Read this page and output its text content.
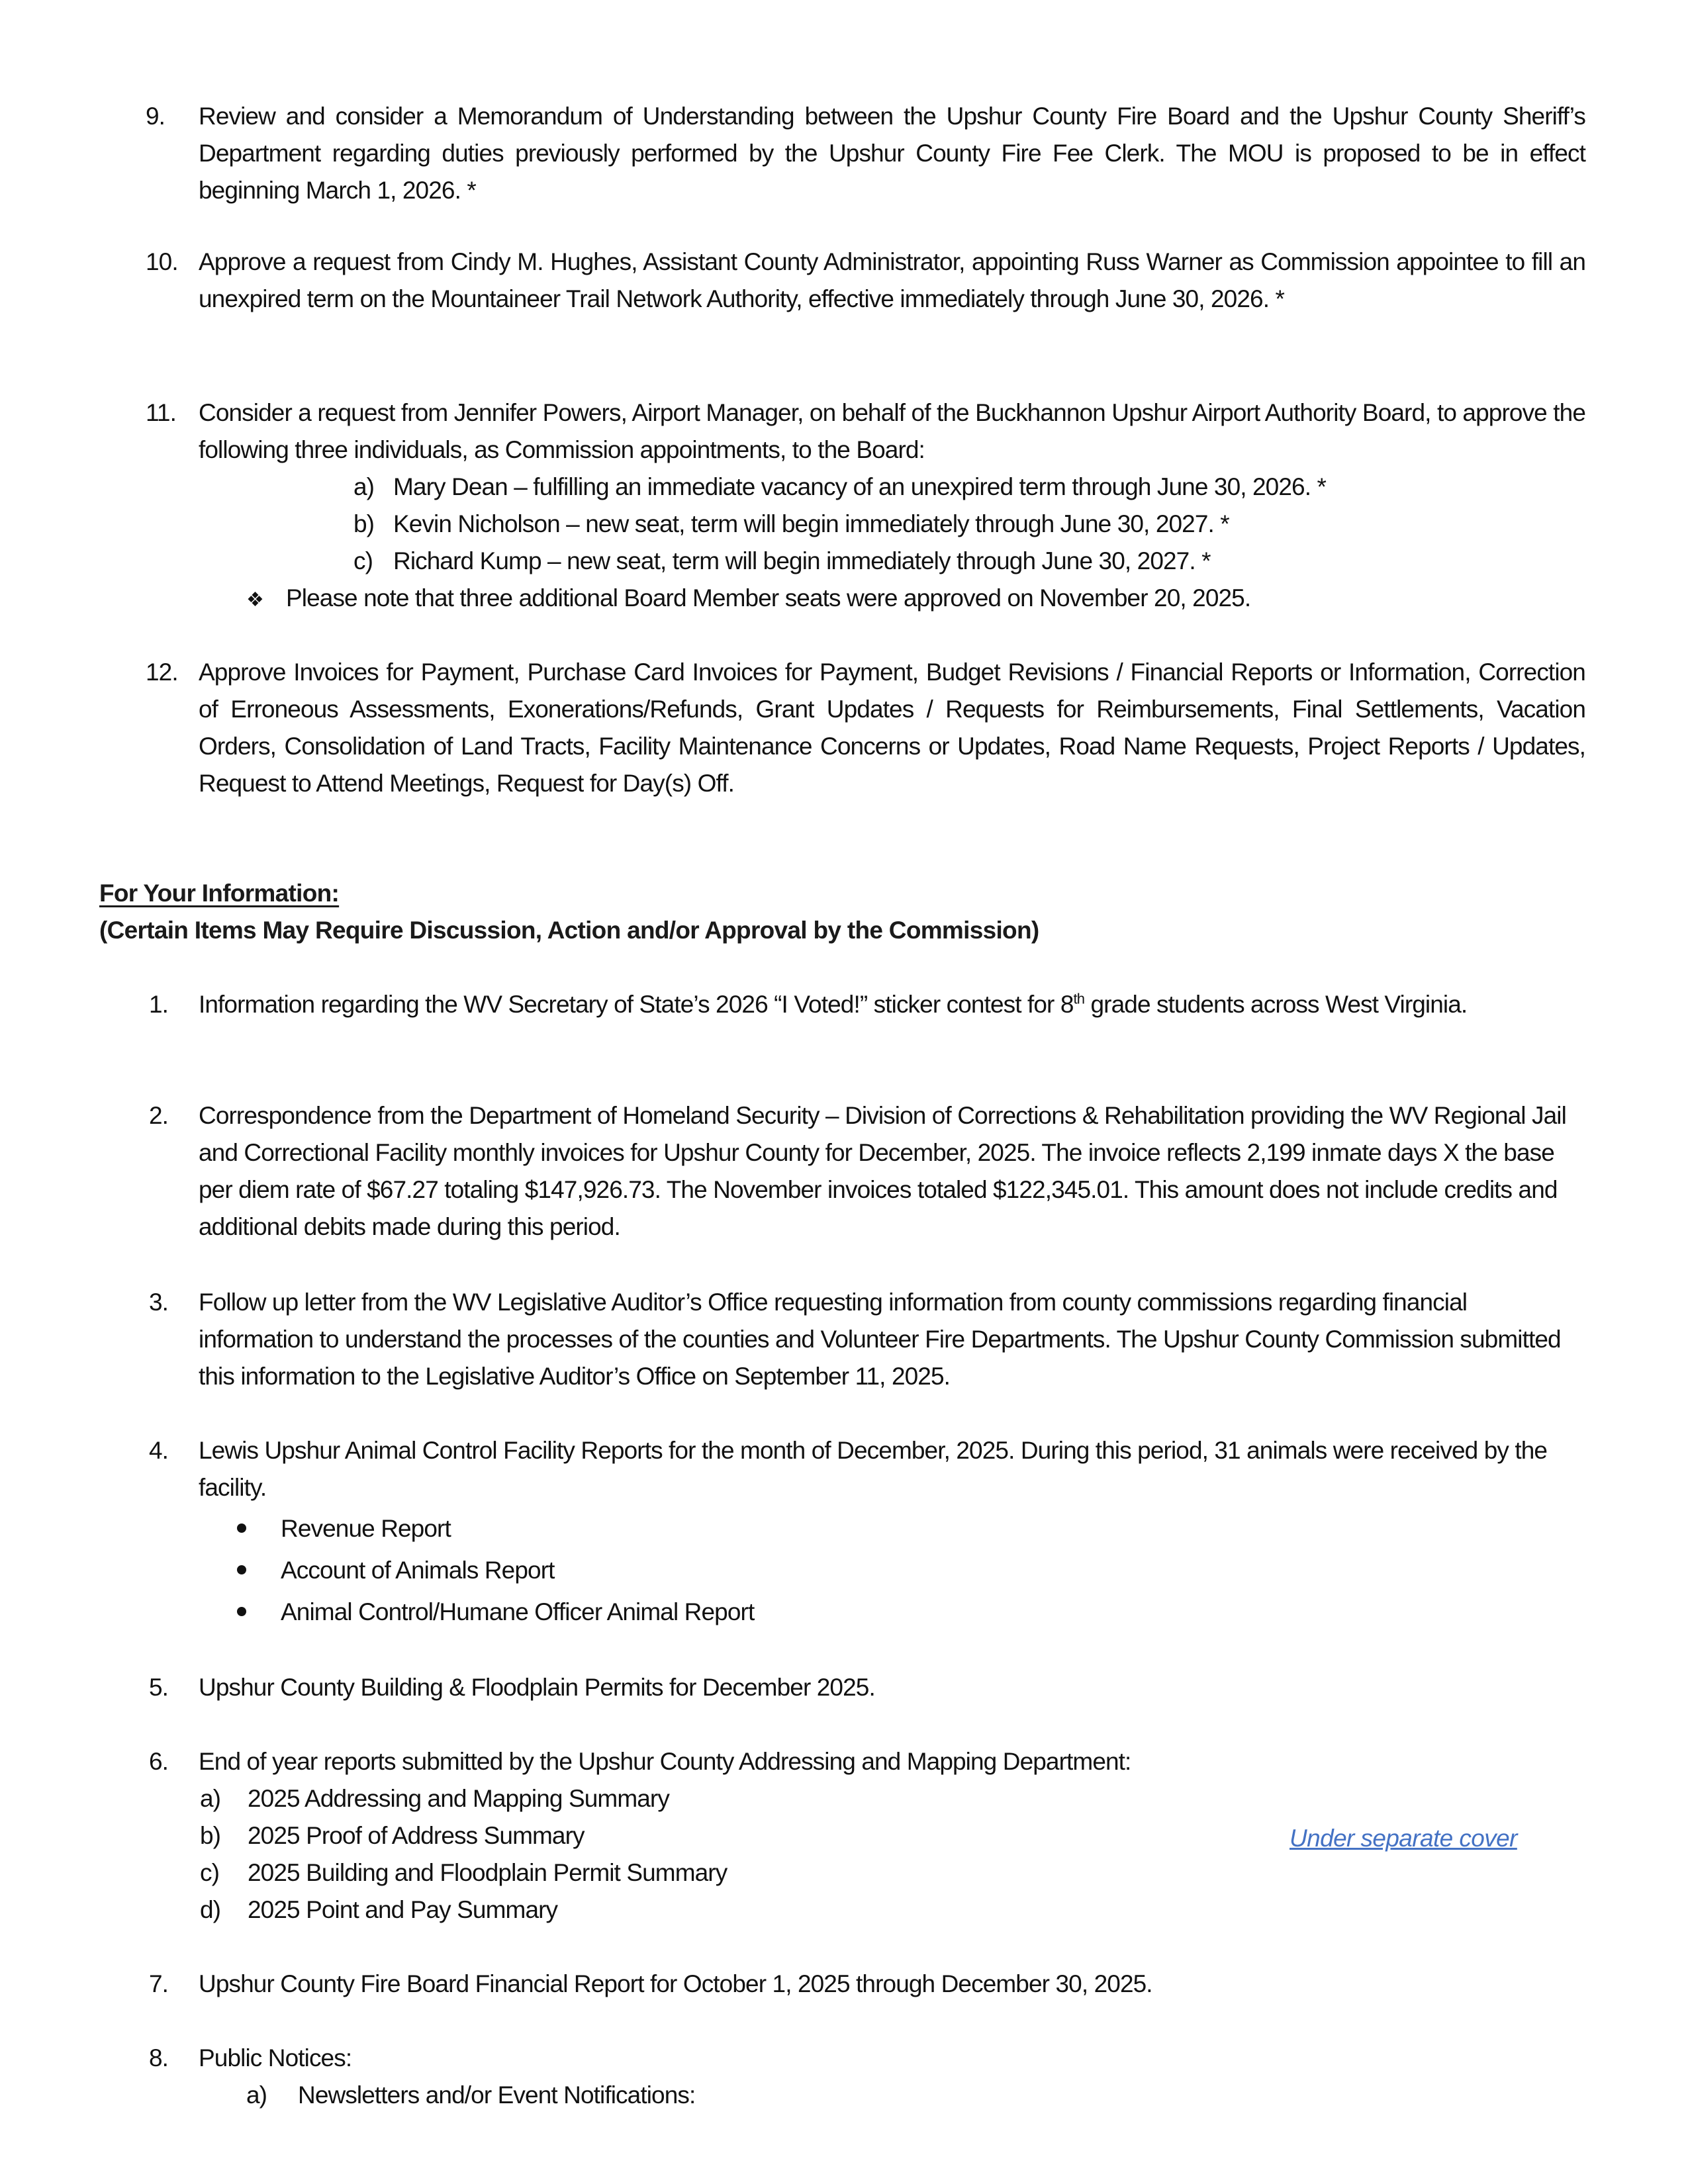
9.	Review and consider a Memorandum of Understanding between the Upshur County Fire Board and the Upshur County Sheriff’s Department regarding duties previously performed by the Upshur County Fire Fee Clerk. The MOU is proposed to be in effect beginning March 1, 2026. *
10. Approve a request from Cindy M. Hughes, Assistant County Administrator, appointing Russ Warner as Commission appointee to fill an unexpired term on the Mountaineer Trail Network Authority, effective immediately through June 30, 2026. *
11. Consider a request from Jennifer Powers, Airport Manager, on behalf of the Buckhannon Upshur Airport Authority Board, to approve the following three individuals, as Commission appointments, to the Board:
a) Mary Dean – fulfilling an immediate vacancy of an unexpired term through June 30, 2026. *
b) Kevin Nicholson – new seat, term will begin immediately through June 30, 2027. *
c) Richard Kump – new seat, term will begin immediately through June 30, 2027. *
❖ Please note that three additional Board Member seats were approved on November 20, 2025.
12. Approve Invoices for Payment, Purchase Card Invoices for Payment, Budget Revisions / Financial Reports or Information, Correction of Erroneous Assessments, Exonerations/Refunds, Grant Updates / Requests for Reimbursements, Final Settlements, Vacation Orders, Consolidation of Land Tracts, Facility Maintenance Concerns or Updates, Road Name Requests, Project Reports / Updates, Request to Attend Meetings, Request for Day(s) Off.
For Your Information:
(Certain Items May Require Discussion, Action and/or Approval by the Commission)
1.	Information regarding the WV Secretary of State’s 2026 “I Voted!” sticker contest for 8th grade students across West Virginia.
2.	Correspondence from the Department of Homeland Security – Division of Corrections & Rehabilitation providing the WV Regional Jail and Correctional Facility monthly invoices for Upshur County for December, 2025. The invoice reflects 2,199 inmate days X the base per diem rate of $67.27 totaling $147,926.73. The November invoices totaled $122,345.01. This amount does not include credits and additional debits made during this period.
3.	Follow up letter from the WV Legislative Auditor’s Office requesting information from county commissions regarding financial information to understand the processes of the counties and Volunteer Fire Departments. The Upshur County Commission submitted this information to the Legislative Auditor’s Office on September 11, 2025.
4.	Lewis Upshur Animal Control Facility Reports for the month of December, 2025. During this period, 31 animals were received by the facility.
Revenue Report
Account of Animals Report
Animal Control/Humane Officer Animal Report
5.	Upshur County Building & Floodplain Permits for December 2025.
6.	End of year reports submitted by the Upshur County Addressing and Mapping Department:
a) 2025 Addressing and Mapping Summary
b) 2025 Proof of Address Summary
c) 2025 Building and Floodplain Permit Summary
d) 2025 Point and Pay Summary
Under separate cover
7.	Upshur County Fire Board Financial Report for October 1, 2025 through December 30, 2025.
8.	Public Notices:
a) Newsletters and/or Event Notifications:
